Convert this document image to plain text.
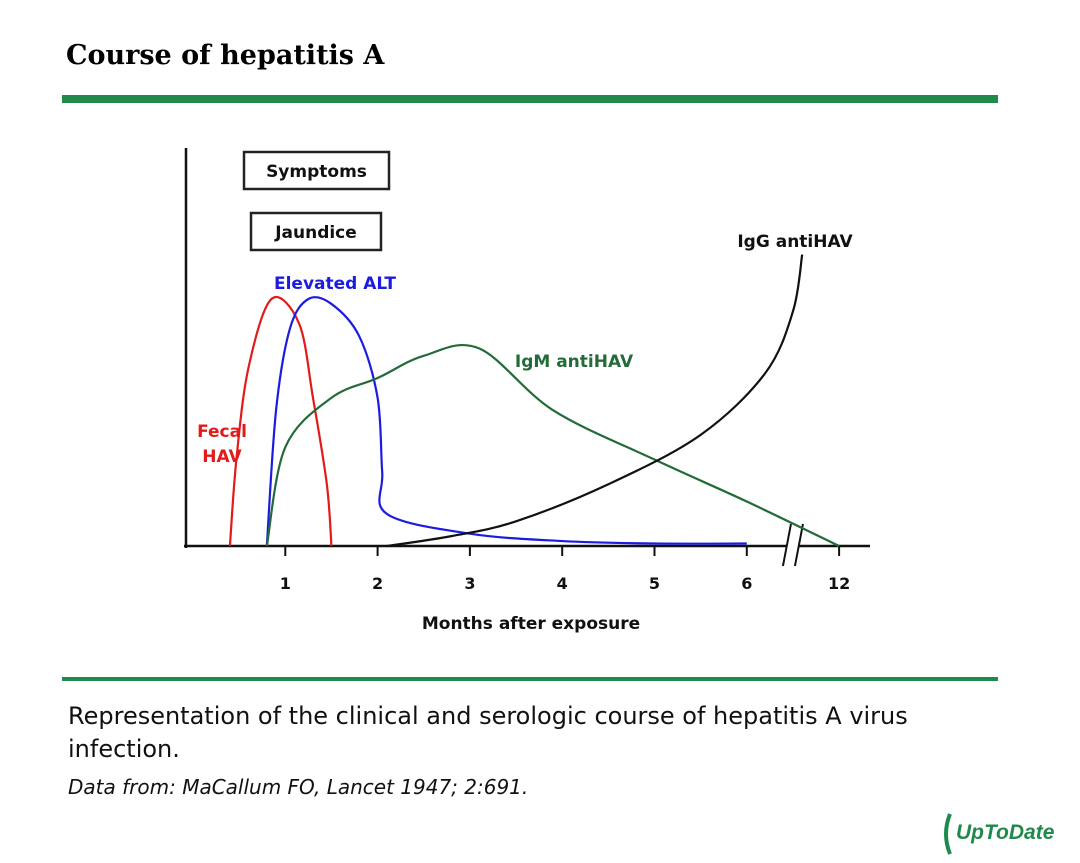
Course of hepatitis A
1	2	3	4	5	6	12
Symptoms
Jaundice
Fecal
HAV
Elevated ALT
IgM antiHAV
IgG antiHAV
Months after exposure
Representation of the clinical and serologic course of hepatitis A virus infection.
Data from: MaCallum FO, Lancet 1947; 2:691.
UpToDate
